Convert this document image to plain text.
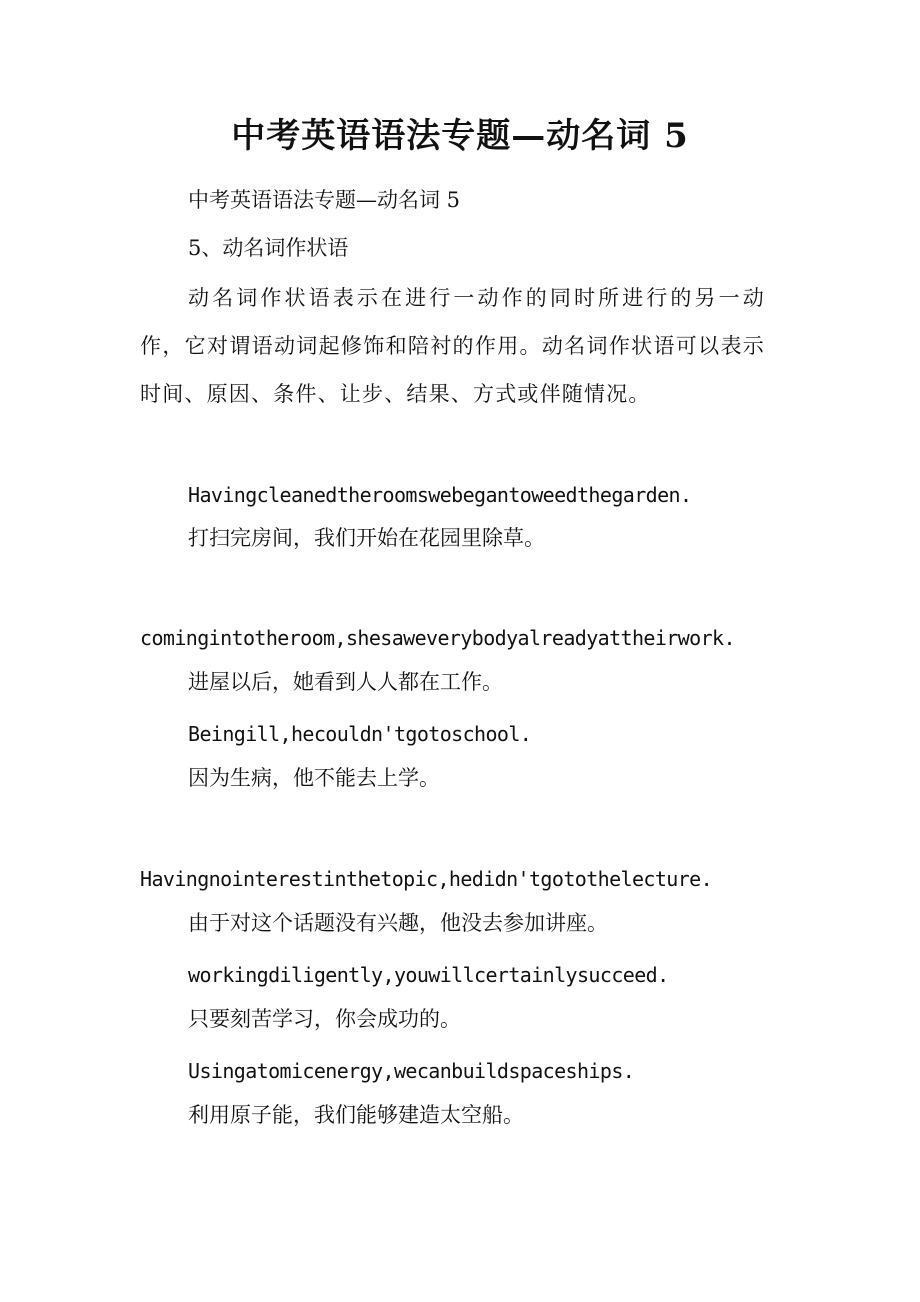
中考英语语法专题—动名词 5
中考英语语法专题—动名词 5
5、动名词作状语
动名词作状语表示在进行一动作的同时所进行的另一动作，它对谓语动词起修饰和陪衬的作用。动名词作状语可以表示时间、原因、条件、让步、结果、方式或伴随情况。
Havingcleanedtheroomswebegantoweedthegarden.
打扫完房间，我们开始在花园里除草。
comingintotheroom,shesaweverybodyalreadyattheirwork.
进屋以后，她看到人人都在工作。
Beingill,hecouldn'tgotoschool.
因为生病，他不能去上学。
Havingnointerestinthetopic,hedidn'tgotothelecture.
由于对这个话题没有兴趣，他没去参加讲座。
workingdiligently,youwillcertainlysucceed.
只要刻苦学习，你会成功的。
Usingatomicenergy,wecanbuildspaceships.
利用原子能，我们能够建造太空船。
